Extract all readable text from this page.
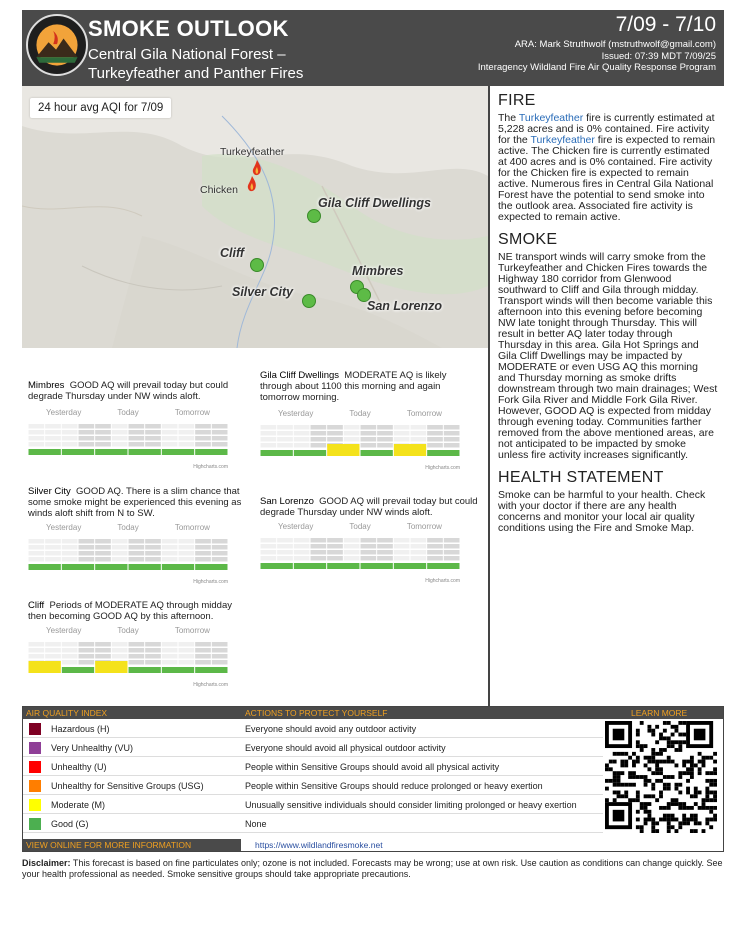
SMOKE OUTLOOK
Central Gila National Forest –
Turkeyfeather and Panther Fires
7/09 - 7/10
ARA: Mark Struthwolf (mstruthwolf@gmail.com)
Issued: 07:39 MDT 7/09/25
Interagency Wildland Fire Air Quality Response Program
24 hour avg AQI for 7/09
Turkeyfeather
Chicken
Gila Cliff Dwellings
Cliff
Mimbres
Silver City
San Lorenzo
Mimbres GOOD AQ will prevail today but could degrade Thursday under NW winds aloft.
Yesterday	Today	Tomorrow
Highcharts.com
Gila Cliff Dwellings MODERATE AQ is likely through about 1100 this morning and again tomorrow morning.
Yesterday	Today	Tomorrow
Highcharts.com
Silver City GOOD AQ. There is a slim chance that some smoke might be experienced this evening as winds aloft shift from N to SW.
Yesterday	Today	Tomorrow
Highcharts.com
San Lorenzo GOOD AQ will prevail today but could degrade Thursday under NW winds aloft.
Yesterday	Today	Tomorrow
Highcharts.com
Cliff Periods of MODERATE AQ through midday then becoming GOOD AQ by this afternoon.
Yesterday	Today	Tomorrow
Highcharts.com
FIRE
The Turkeyfeather fire is currently estimated at 5,228 acres and is 0% contained. Fire activity for the Turkeyfeather fire is expected to remain active. The Chicken fire is currently estimated at 400 acres and is 0% contained. Fire activity for the Chicken fire is expected to remain active. Numerous fires in Central Gila National Forest have the potential to send smoke into the outlook area. Associated fire activity is expected to remain active.
SMOKE
NE transport winds will carry smoke from the Turkeyfeather and Chicken Fires towards the Highway 180 corridor from Glenwood southward to Cliff and Gila through midday. Transport winds will then become variable this afternoon into this evening before becoming NW late tonight through Thursday. This will result in better AQ later today through Thursday in this area. Gila Hot Springs and Gila Cliff Dwellings may be impacted by MODERATE or even USG AQ this morning and Thursday morning as smoke drifts downstream through two main drainages; West Fork Gila River and Middle Fork Gila River. However, GOOD AQ is expected from midday through evening today. Communities farther removed from the above mentioned areas, are not anticipated to be impacted by smoke unless fire activity increases significantly.
HEALTH STATEMENT
Smoke can be harmful to your health. Check with your doctor if there are any health concerns and monitor your local air quality conditions using the Fire and Smoke Map.
AIR QUALITY INDEX	ACTIONS TO PROTECT YOURSELF	LEARN MORE
Hazardous (H)	Everyone should avoid any outdoor activity
Very Unhealthy (VU)	Everyone should avoid all physical outdoor activity
Unhealthy (U)	People within Sensitive Groups should avoid all physical activity
Unhealthy for Sensitive Groups (USG)	People within Sensitive Groups should reduce prolonged or heavy exertion
Moderate (M)	Unusually sensitive individuals should consider limiting prolonged or heavy exertion
Good (G)	None
VIEW ONLINE FOR MORE INFORMATION	https://www.wildlandfiresmoke.net
Disclaimer: This forecast is based on fine particulates only; ozone is not included. Forecasts may be wrong; use at own risk. Use caution as conditions can change quickly. See your health professional as needed. Smoke sensitive groups should take appropriate precautions.
